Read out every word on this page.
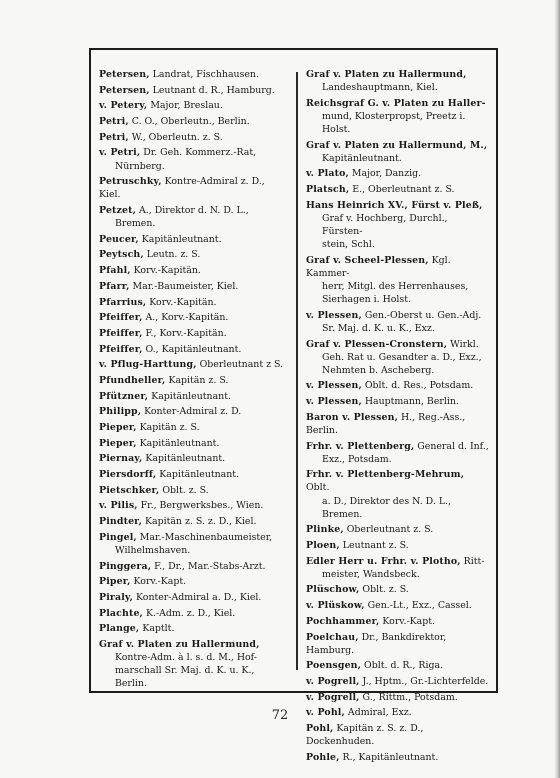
Petersen, Landrat, Fischhausen.
Petersen, Leutnant d. R., Hamburg.
v. Petery, Major, Breslau.
Petri, C. O., Oberleutn., Berlin.
Petri, W., Oberleutn. z. S.
v. Petri, Dr. Geh. Kommerz.-Rat,
Nürnberg.
Petruschky, Kontre-Admiral z. D., Kiel.
Petzet, A., Direktor d. N. D. L.,
Bremen.
Peucer, Kapitänleutnant.
Peytsch, Leutn. z. S.
Pfahl, Korv.-Kapitän.
Pfarr, Mar.-Baumeister, Kiel.
Pfarrius, Korv.-Kapitän.
Pfeiffer, A., Korv.-Kapitän.
Pfeiffer, F., Korv.-Kapitän.
Pfeiffer, O., Kapitänleutnant.
v. Pflug-Harttung, Oberleutnant z S.
Pfundheller, Kapitän z. S.
Pfützner, Kapitänleutnant.
Philipp, Konter-Admiral z. D.
Pieper, Kapitän z. S.
Pieper, Kapitänleutnant.
Piernay, Kapitänleutnant.
Piersdorff, Kapitänleutnant.
Pietschker, Oblt. z. S.
v. Pilis, Fr., Bergwerksbes., Wien.
Pindter, Kapitän z. S. z. D., Kiel.
Pingel, Mar.-Maschinenbaumeister,
Wilhelmshaven.
Pinggera, F., Dr., Mar.-Stabs-Arzt.
Piper, Korv.-Kapt.
Piraly, Konter-Admiral a. D., Kiel.
Plachte, K.-Adm. z. D., Kiel.
Plange, Kaptlt.
Graf v. Platen zu Hallermund,
Kontre-Adm. à l. s. d. M., Hof-
marschall Sr. Maj. d. K. u. K.,
Berlin.
Graf v. Platen zu Hallermund,
Landeshauptmann, Kiel.
Reichsgraf G. v. Platen zu Haller-
mund, Klosterpropst, Preetz i. Holst.
Graf v. Platen zu Hallermund, M.,
Kapitänleutnant.
v. Plato, Major, Danzig.
Platsch, E., Oberleutnant z. S.
Hans Heinrich XV., Fürst v. Pleß,
Graf v. Hochberg, Durchl., Fürsten-
stein, Schl.
Graf v. Scheel-Plessen, Kgl. Kammer-
herr, Mitgl. des Herrenhauses,
Sierhagen i. Holst.
v. Plessen, Gen.-Oberst u. Gen.-Adj.
Sr. Maj. d. K. u. K., Exz.
Graf v. Plessen-Cronstern, Wirkl.
Geh. Rat u. Gesandter a. D., Exz.,
Nehmten b. Ascheberg.
v. Plessen, Oblt. d. Res., Potsdam.
v. Plessen, Hauptmann, Berlin.
Baron v. Plessen, H., Reg.-Ass., Berlin.
Frhr. v. Plettenberg, General d. Inf.,
Exz., Potsdam.
Frhr. v. Plettenberg-Mehrum, Oblt.
a. D., Direktor des N. D. L., Bremen.
Plinke, Oberleutnant z. S.
Ploen, Leutnant z. S.
Edler Herr u. Frhr. v. Plotho, Ritt-
meister, Wandsbeck.
Plüschow, Oblt. z. S.
v. Plüskow, Gen.-Lt., Exz., Cassel.
Pochhammer, Korv.-Kapt.
Poelchau, Dr., Bankdirektor, Hamburg.
Poensgen, Oblt. d. R., Riga.
v. Pogrell, J., Hptm., Gr.-Lichterfelde.
v. Pogrell, G., Rittm., Potsdam.
v. Pohl, Admiral, Exz.
Pohl, Kapitän z. S. z. D., Dockenhuden.
Pohle, R., Kapitänleutnant.
72
